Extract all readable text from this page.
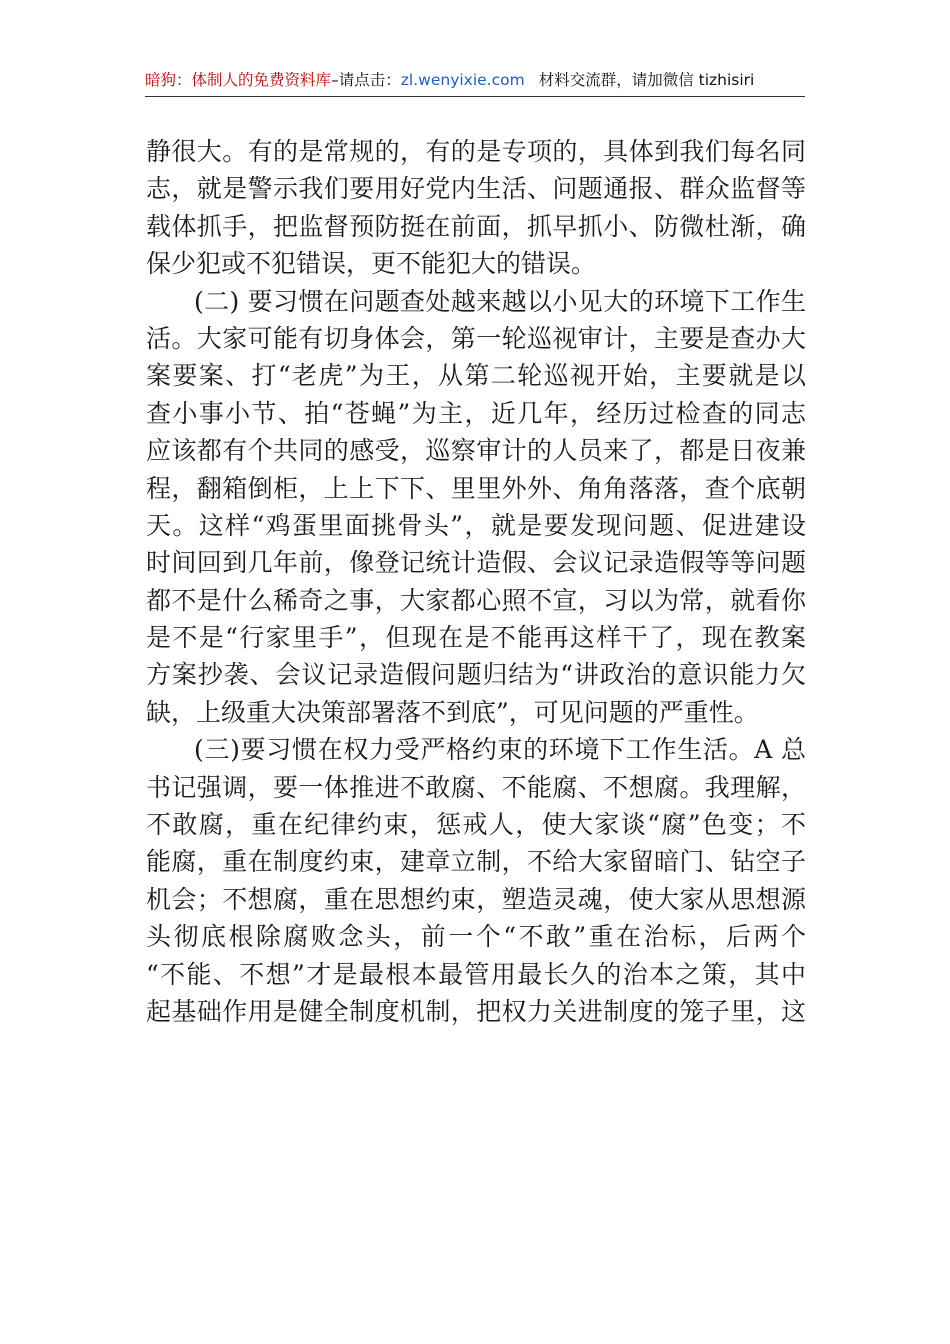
暗狗：体制人的免费资料库–请点击：zl.wenyixie.com 材料交流群，请加微信 tizhisiri
静很大。有的是常规的，有的是专项的，具体到我们每名同
志，就是警示我们要用好党内生活、问题通报、群众监督等
载体抓手，把监督预防挺在前面，抓早抓小、防微杜渐，确
保少犯或不犯错误，更不能犯大的错误。
(二) 要习惯在问题查处越来越以小见大的环境下工作生
活。大家可能有切身体会，第一轮巡视审计，主要是查办大
案要案、打“老虎”为王，从第二轮巡视开始，主要就是以
查小事小节、拍“苍蝇”为主，近几年，经历过检查的同志
应该都有个共同的感受，巡察审计的人员来了，都是日夜兼
程，翻箱倒柜，上上下下、里里外外、角角落落，查个底朝
天。这样“鸡蛋里面挑骨头”，就是要发现问题、促进建设
时间回到几年前，像登记统计造假、会议记录造假等等问题
都不是什么稀奇之事，大家都心照不宣，习以为常，就看你
是不是“行家里手”，但现在是不能再这样干了，现在教案
方案抄袭、会议记录造假问题归结为“讲政治的意识能力欠
缺，上级重大决策部署落不到底”，可见问题的严重性。
(三)要习惯在权力受严格约束的环境下工作生活。A 总
书记强调，要一体推进不敢腐、不能腐、不想腐。我理解，
不敢腐，重在纪律约束，惩戒人，使大家谈“腐”色变；不
能腐，重在制度约束，建章立制，不给大家留暗门、钻空子
机会；不想腐，重在思想约束，塑造灵魂，使大家从思想源
头彻底根除腐败念头，前一个“不敢”重在治标，后两个
“不能、不想”才是最根本最管用最长久的治本之策，其中
起基础作用是健全制度机制，把权力关进制度的笼子里，这
